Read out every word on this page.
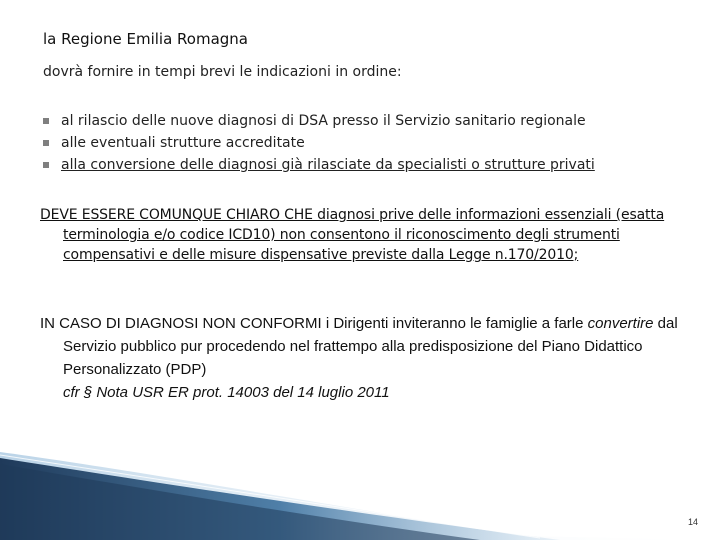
la Regione Emilia Romagna
dovrà fornire in tempi brevi le indicazioni in ordine:
al rilascio delle nuove diagnosi di DSA presso il Servizio sanitario regionale
alle eventuali strutture accreditate
alla conversione delle diagnosi già rilasciate da specialisti o strutture privati
DEVE ESSERE COMUNQUE CHIARO CHE diagnosi prive delle informazioni essenziali (esatta terminologia e/o codice ICD10) non consentono il riconoscimento degli strumenti compensativi e delle misure dispensative previste dalla Legge n.170/2010;
IN CASO DI DIAGNOSI NON CONFORMI i Dirigenti inviteranno le famiglie a farle convertire dal Servizio pubblico pur procedendo nel frattempo alla predisposizione del Piano Didattico Personalizzato (PDP)
cfr § Nota USR ER prot. 14003 del 14 luglio 2011
14
